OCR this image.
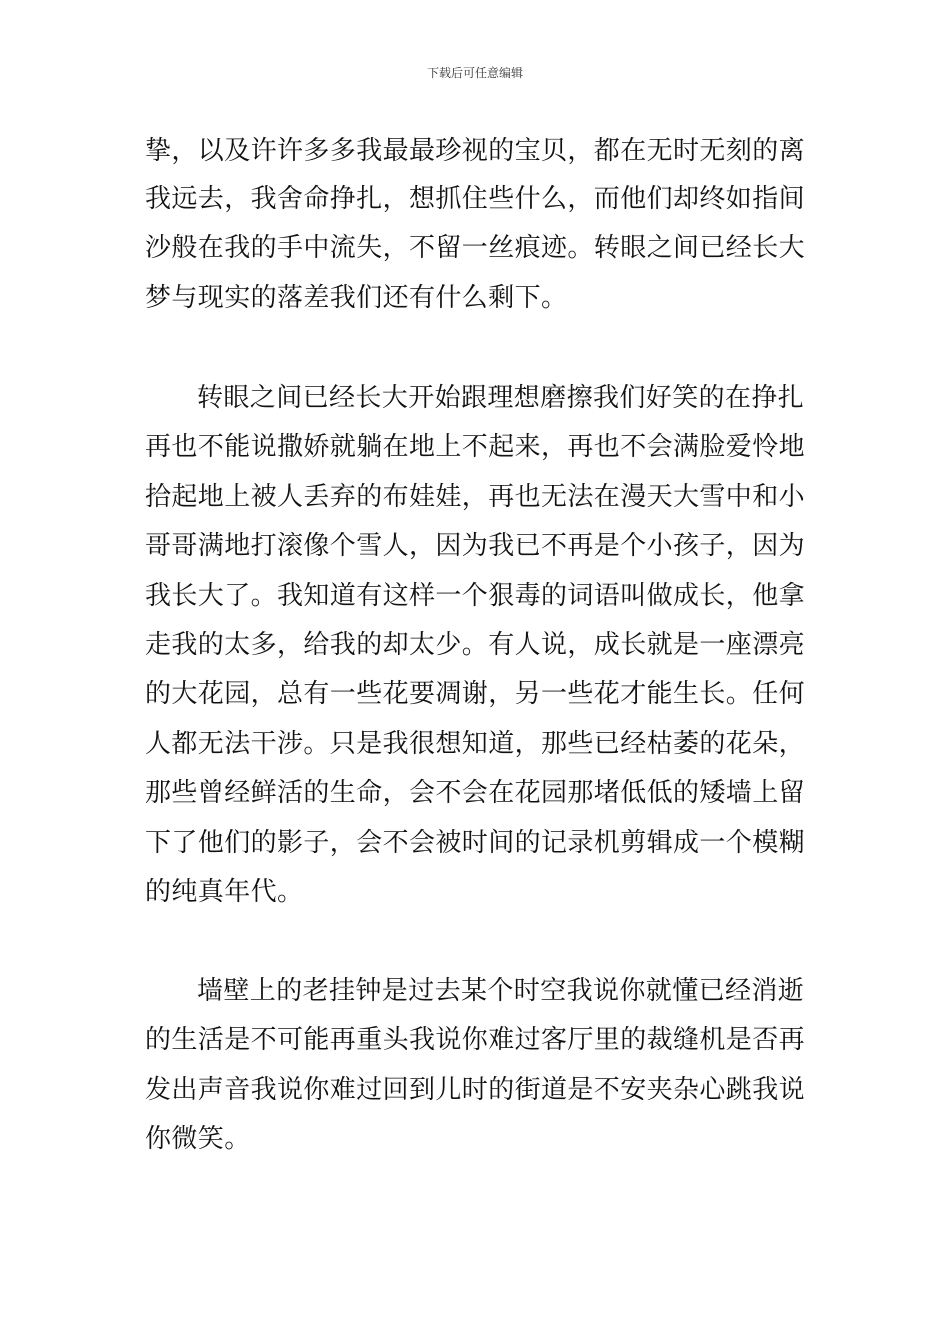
下载后可任意编辑
挚，以及许许多多我最最珍视的宝贝，都在无时无刻的离
我远去，我舍命挣扎，想抓住些什么，而他们却终如指间
沙般在我的手中流失，不留一丝痕迹。转眼之间已经长大
梦与现实的落差我们还有什么剩下。
转眼之间已经长大开始跟理想磨擦我们好笑的在挣扎
再也不能说撒娇就躺在地上不起来，再也不会满脸爱怜地
拾起地上被人丢弃的布娃娃，再也无法在漫天大雪中和小
哥哥满地打滚像个雪人，因为我已不再是个小孩子，因为
我长大了。我知道有这样一个狠毒的词语叫做成长，他拿
走我的太多，给我的却太少。有人说，成长就是一座漂亮
的大花园，总有一些花要凋谢，另一些花才能生长。任何
人都无法干涉。只是我很想知道，那些已经枯萎的花朵，
那些曾经鲜活的生命，会不会在花园那堵低低的矮墙上留
下了他们的影子，会不会被时间的记录机剪辑成一个模糊
的纯真年代。
墙壁上的老挂钟是过去某个时空我说你就懂已经消逝
的生活是不可能再重头我说你难过客厅里的裁缝机是否再
发出声音我说你难过回到儿时的街道是不安夹杂心跳我说
你微笑。
